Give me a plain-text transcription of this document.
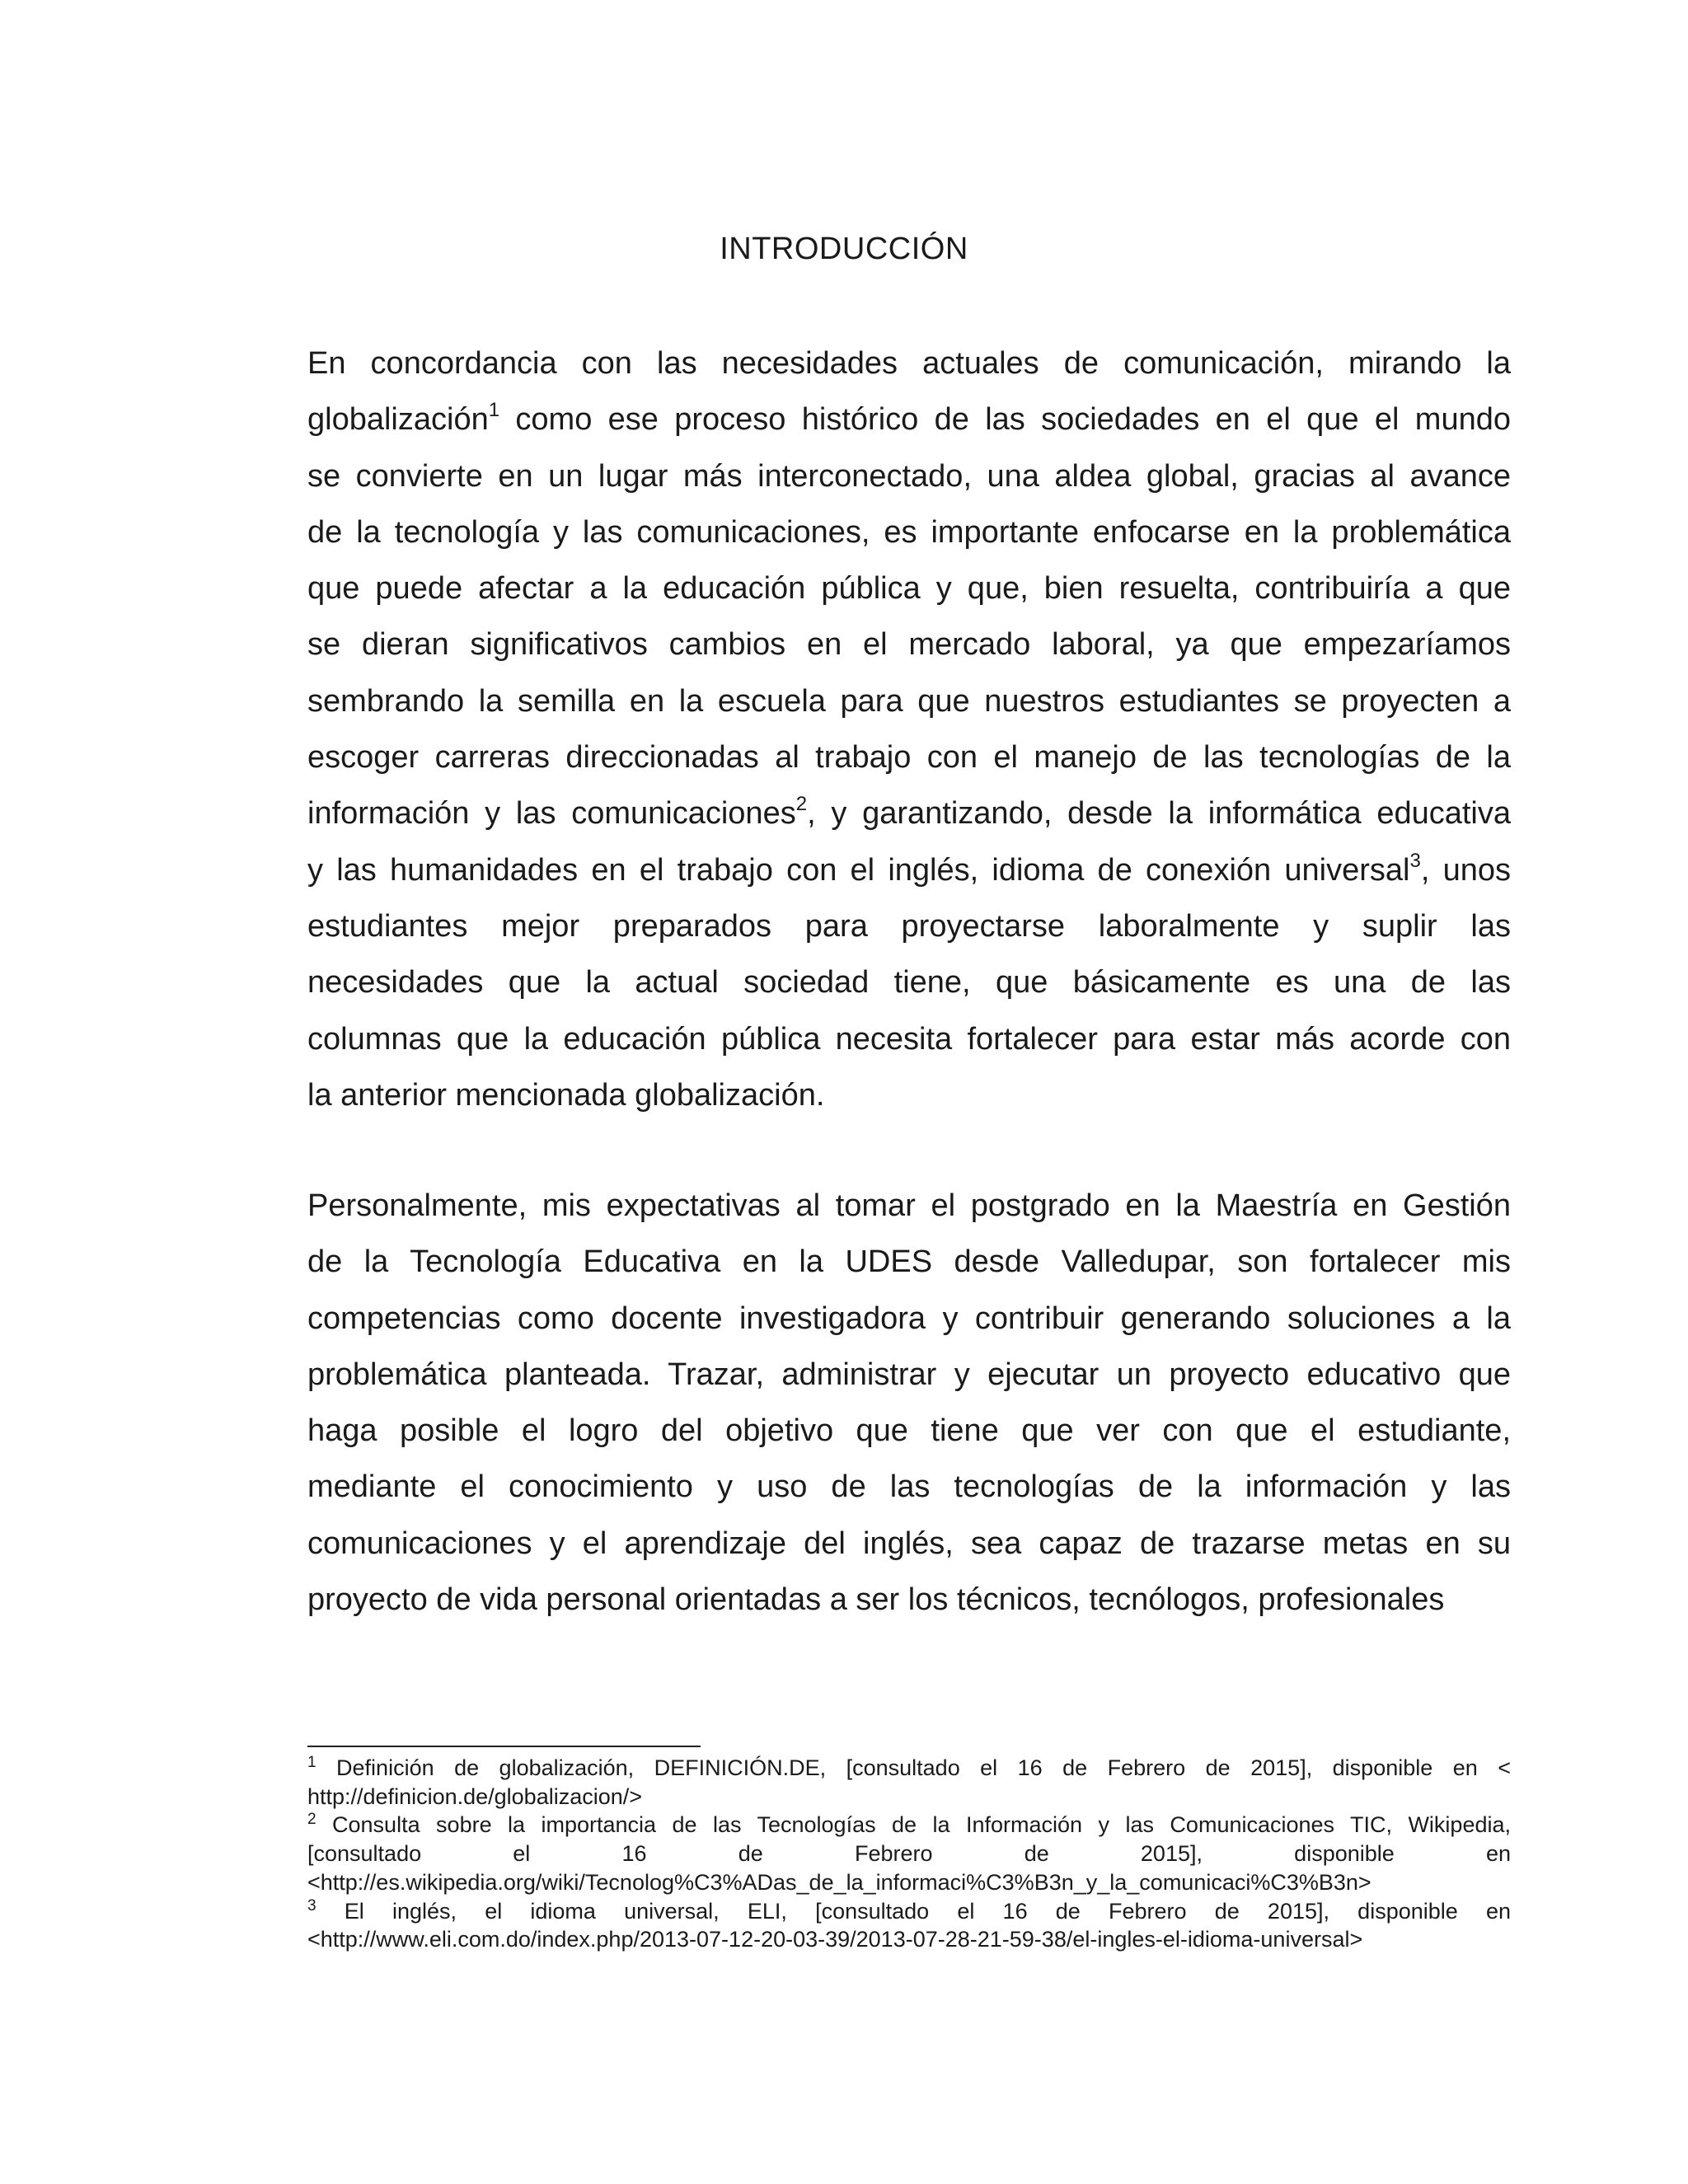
INTRODUCCIÓN
En concordancia con las necesidades actuales de comunicación, mirando la
globalización$^1$ como ese proceso histórico de las sociedades en el que el mundo
se convierte en un lugar más interconectado, una aldea global, gracias al avance
de la tecnología y las comunicaciones, es importante enfocarse en la problemática
que puede afectar a la educación pública y que, bien resuelta, contribuiría a que
se dieran significativos cambios en el mercado laboral, ya que empezaríamos
sembrando la semilla en la escuela para que nuestros estudiantes se proyecten a
escoger carreras direccionadas al trabajo con el manejo de las tecnologías de la
información y las comunicaciones$^2$, y garantizando, desde la informática educativa
y las humanidades en el trabajo con el inglés, idioma de conexión universal$^3$, unos
estudiantes mejor preparados para proyectarse laboralmente y suplir las
necesidades que la actual sociedad tiene, que básicamente es una de las
columnas que la educación pública necesita fortalecer para estar más acorde con
la anterior mencionada globalización.
Personalmente, mis expectativas al tomar el postgrado en la Maestría en Gestión
de la Tecnología Educativa en la UDES desde Valledupar, son fortalecer mis
competencias como docente investigadora y contribuir generando soluciones a la
problemática planteada. Trazar, administrar y ejecutar un proyecto educativo que
haga posible el logro del objetivo que tiene que ver con que el estudiante,
mediante el conocimiento y uso de las tecnologías de la información y las
comunicaciones y el aprendizaje del inglés, sea capaz de trazarse metas en su
proyecto de vida personal orientadas a ser los técnicos, tecnólogos, profesionales
$^1$ Definición de globalización, DEFINICIÓN.DE, [consultado el 16 de Febrero de 2015], disponible en <
http://definicion.de/globalizacion/>
$^2$ Consulta sobre la importancia de las Tecnologías de la Información y las Comunicaciones TIC, Wikipedia,
[consultado el 16 de Febrero de 2015], disponible en
<http://es.wikipedia.org/wiki/Tecnolog%C3%ADas_de_la_informaci%C3%B3n_y_la_comunicaci%C3%B3n>
$^3$ El inglés, el idioma universal, ELI, [consultado el 16 de Febrero de 2015], disponible en
<http://www.eli.com.do/index.php/2013-07-12-20-03-39/2013-07-28-21-59-38/el-ingles-el-idioma-universal>
